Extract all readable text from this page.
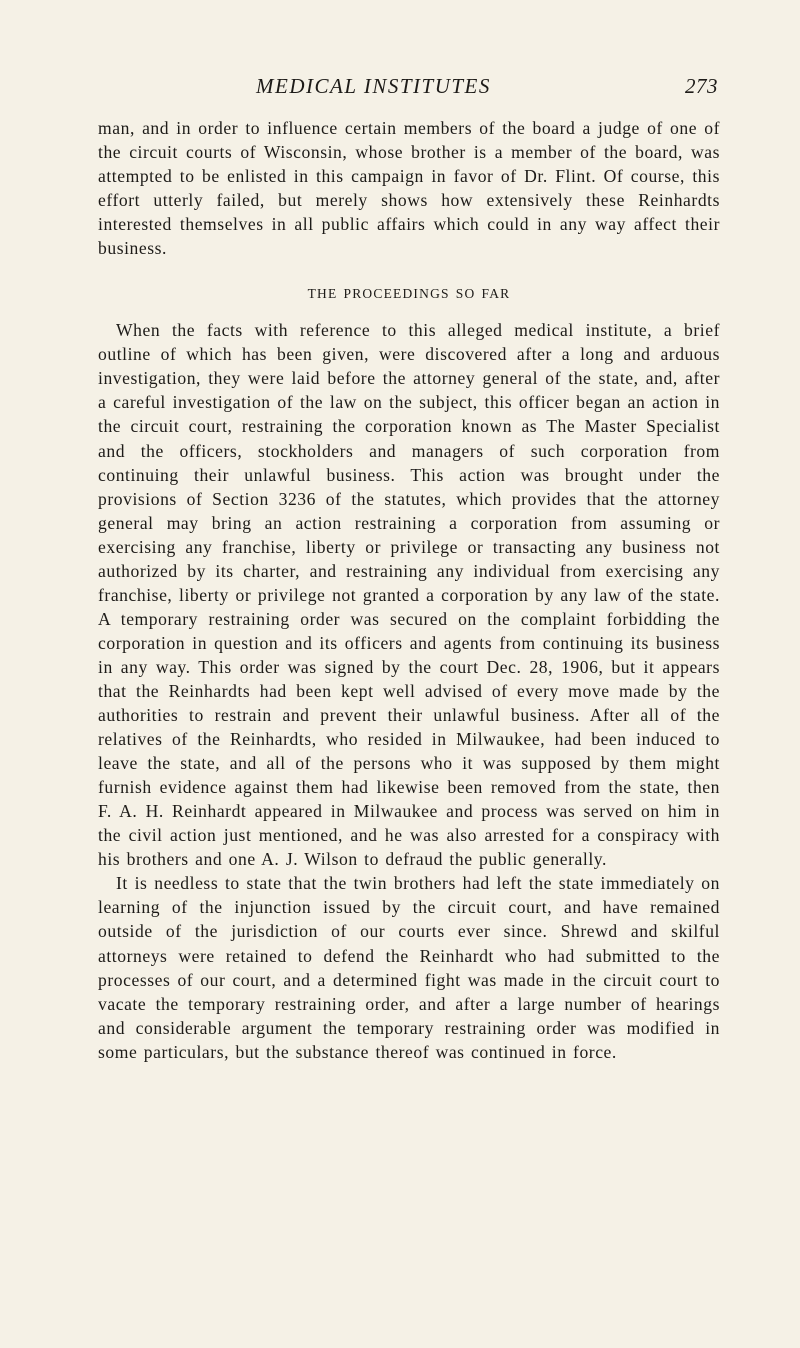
MEDICAL INSTITUTES	273

man, and in order to influence certain members of the board a judge of one of the circuit courts of Wisconsin, whose brother is a member of the board, was attempted to be enlisted in this campaign in favor of Dr. Flint. Of course, this effort utterly failed, but merely shows how extensively these Reinhardts interested themselves in all public affairs which could in any way affect their business.

THE PROCEEDINGS SO FAR

When the facts with reference to this alleged medical institute, a brief outline of which has been given, were discovered after a long and arduous investigation, they were laid before the attorney general of the state, and, after a careful investigation of the law on the subject, this officer began an action in the circuit court, restraining the corporation known as The Master Specialist and the officers, stockholders and managers of such corporation from continuing their unlawful business. This action was brought under the provisions of Section 3236 of the statutes, which provides that the attorney general may bring an action restraining a corporation from assuming or exercising any franchise, liberty or privilege or transacting any business not authorized by its charter, and restraining any individual from exercising any franchise, liberty or privilege not granted a corporation by any law of the state. A temporary restraining order was secured on the complaint forbidding the corporation in question and its officers and agents from continuing its business in any way. This order was signed by the court Dec. 28, 1906, but it appears that the Reinhardts had been kept well advised of every move made by the authorities to restrain and prevent their unlawful business. After all of the relatives of the Reinhardts, who resided in Milwaukee, had been induced to leave the state, and all of the persons who it was supposed by them might furnish evidence against them had likewise been removed from the state, then F. A. H. Reinhardt appeared in Milwaukee and process was served on him in the civil action just mentioned, and he was also arrested for a conspiracy with his brothers and one A. J. Wilson to defraud the public generally.

It is needless to state that the twin brothers had left the state immediately on learning of the injunction issued by the circuit court, and have remained outside of the jurisdiction of our courts ever since. Shrewd and skilful attorneys were retained to defend the Reinhardt who had submitted to the processes of our court, and a determined fight was made in the circuit court to vacate the temporary restraining order, and after a large number of hearings and considerable argument the temporary restraining order was modified in some particulars, but the substance thereof was continued in force.
